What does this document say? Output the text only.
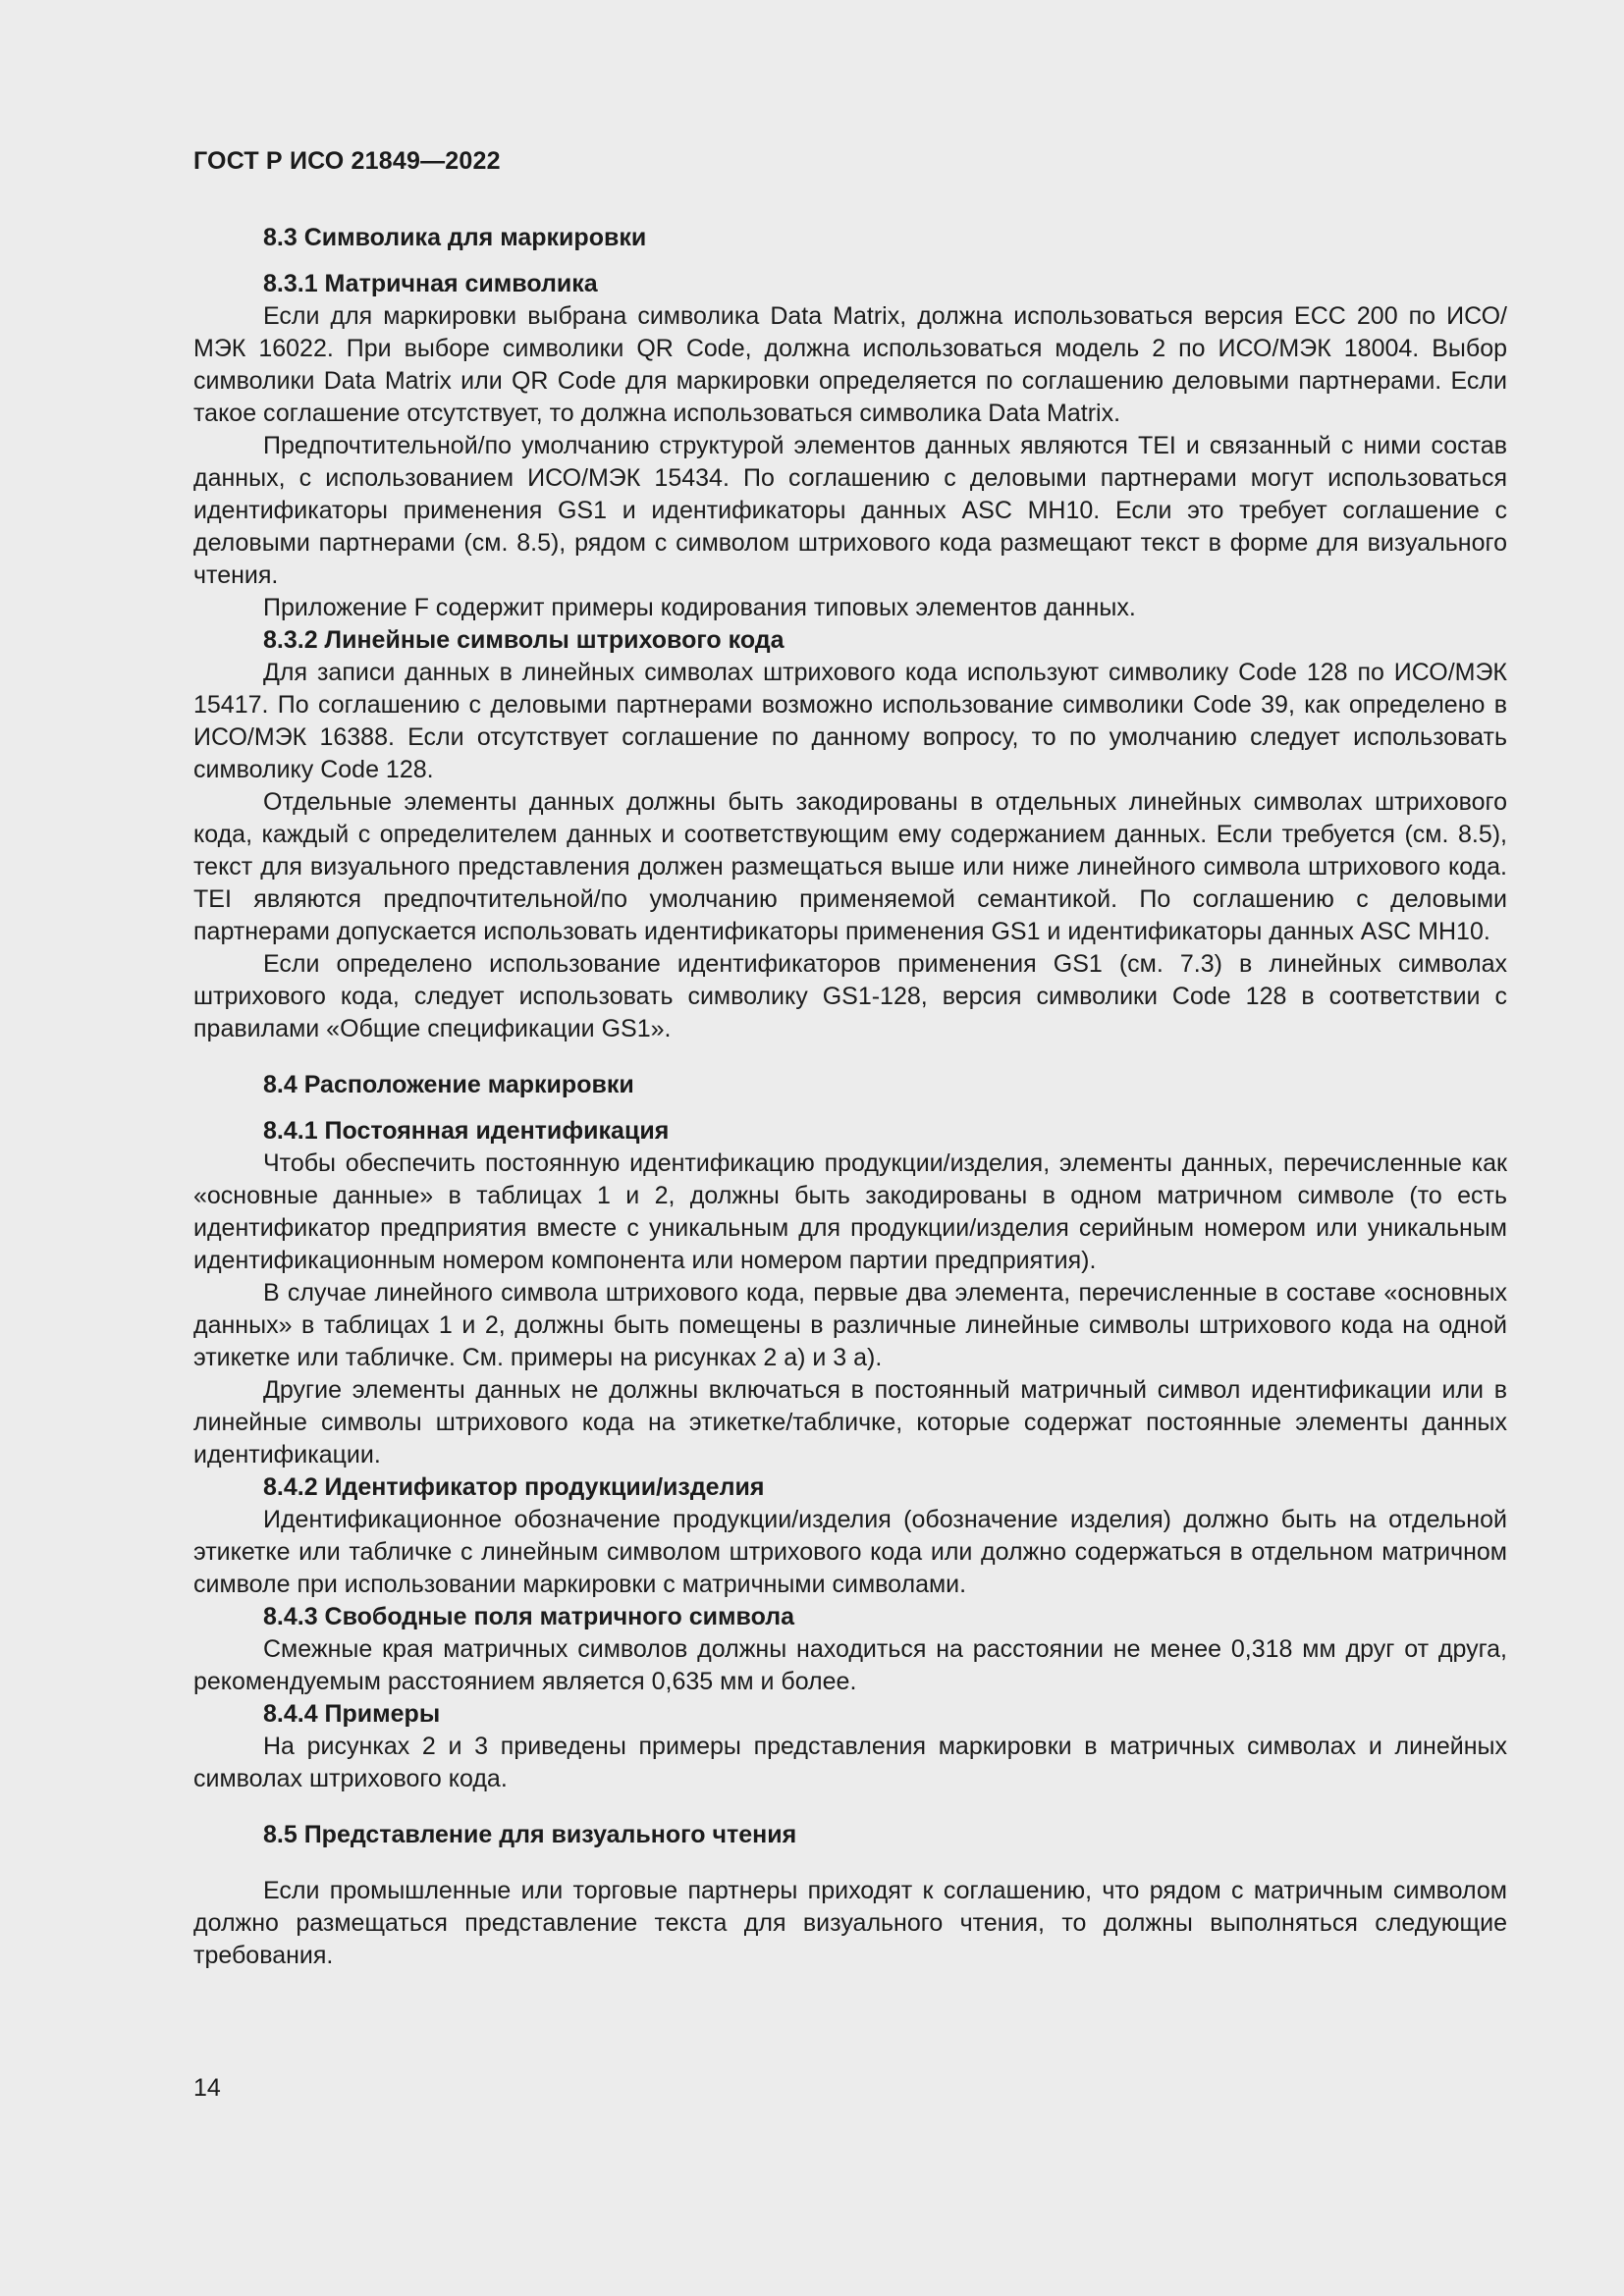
ГОСТ Р ИСО 21849—2022
8.3 Символика для маркировки
8.3.1 Матричная символика

Если для маркировки выбрана символика Data Matrix, должна использоваться версия ECC 200 по ИСО/МЭК 16022. При выборе символики QR Code, должна использоваться модель 2 по ИСО/МЭК 18004. Выбор символики Data Matrix или QR Code для маркировки определяется по соглашению деловыми партнерами. Если такое соглашение отсутствует, то должна использоваться символика Data Matrix.

Предпочтительной/по умолчанию структурой элементов данных являются TEI и связанный с ними состав данных, с использованием ИСО/МЭК 15434. По соглашению с деловыми партнерами могут использоваться идентификаторы применения GS1 и идентификаторы данных ASC MH10. Если это требует соглашение с деловыми партнерами (см. 8.5), рядом с символом штрихового кода размещают текст в форме для визуального чтения.

Приложение F содержит примеры кодирования типовых элементов данных.

8.3.2 Линейные символы штрихового кода

Для записи данных в линейных символах штрихового кода используют символику Code 128 по ИСО/МЭК 15417. По соглашению с деловыми партнерами возможно использование символики Code 39, как определено в ИСО/МЭК 16388. Если отсутствует соглашение по данному вопросу, то по умолчанию следует использовать символику Code 128.

Отдельные элементы данных должны быть закодированы в отдельных линейных символах штрихового кода, каждый с определителем данных и соответствующим ему содержанием данных. Если требуется (см. 8.5), текст для визуального представления должен размещаться выше или ниже линейного символа штрихового кода. TEI являются предпочтительной/по умолчанию применяемой семантикой. По соглашению с деловыми партнерами допускается использовать идентификаторы применения GS1 и идентификаторы данных ASC MH10.

Если определено использование идентификаторов применения GS1 (см. 7.3) в линейных символах штрихового кода, следует использовать символику GS1-128, версия символики Code 128 в соответствии с правилами «Общие спецификации GS1».

8.4 Расположение маркировки
8.4.1 Постоянная идентификация

Чтобы обеспечить постоянную идентификацию продукции/изделия, элементы данных, перечисленные как «основные данные» в таблицах 1 и 2, должны быть закодированы в одном матричном символе (то есть идентификатор предприятия вместе с уникальным для продукции/изделия серийным номером или уникальным идентификационным номером компонента или номером партии предприятия).

В случае линейного символа штрихового кода, первые два элемента, перечисленные в составе «основных данных» в таблицах 1 и 2, должны быть помещены в различные линейные символы штрихового кода на одной этикетке или табличке. См. примеры на рисунках 2 а) и 3 а).

Другие элементы данных не должны включаться в постоянный матричный символ идентификации или в линейные символы штрихового кода на этикетке/табличке, которые содержат постоянные элементы данных идентификации.

8.4.2 Идентификатор продукции/изделия

Идентификационное обозначение продукции/изделия (обозначение изделия) должно быть на отдельной этикетке или табличке с линейным символом штрихового кода или должно содержаться в отдельном матричном символе при использовании маркировки с матричными символами.

8.4.3 Свободные поля матричного символа

Смежные края матричных символов должны находиться на расстоянии не менее 0,318 мм друг от друга, рекомендуемым расстоянием является 0,635 мм и более.

8.4.4 Примеры

На рисунках 2 и 3 приведены примеры представления маркировки в матричных символах и линейных символах штрихового кода.

8.5 Представление для визуального чтения

Если промышленные или торговые партнеры приходят к соглашению, что рядом с матричным символом должно размещаться представление текста для визуального чтения, то должны выполняться следующие требования.

14
